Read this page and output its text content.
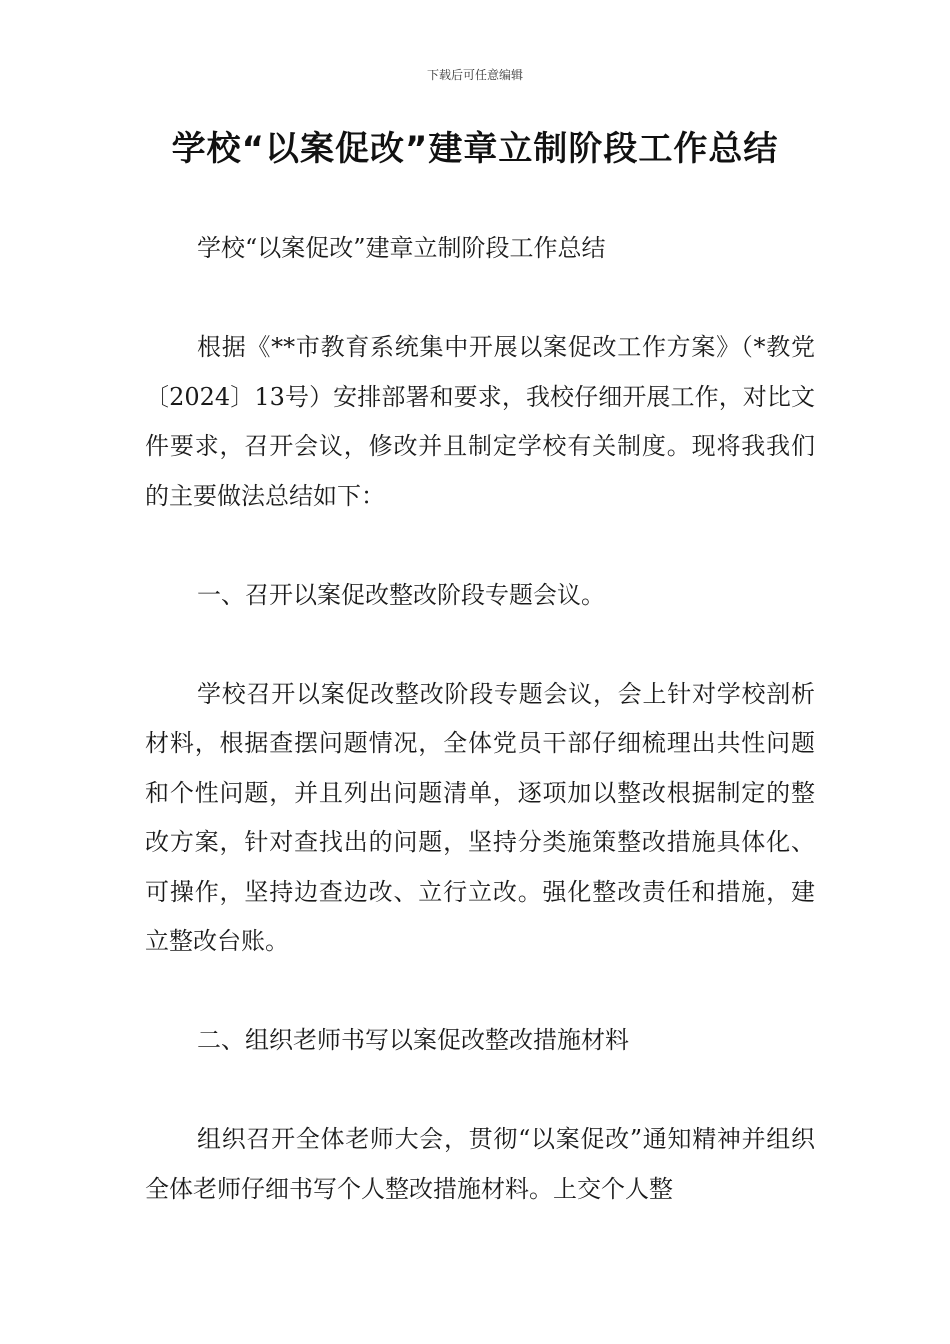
下载后可任意编辑
学校“以案促改”建章立制阶段工作总结

学校“以案促改”建章立制阶段工作总结

根据《**市教育系统集中开展以案促改工作方案》（*教党〔2024〕13号）安排部署和要求，我校仔细开展工作，对比文件要求，召开会议，修改并且制定学校有关制度。现将我我们的主要做法总结如下：

一、召开以案促改整改阶段专题会议。

学校召开以案促改整改阶段专题会议，会上针对学校剖析材料，根据查摆问题情况，全体党员干部仔细梳理出共性问题和个性问题，并且列出问题清单，逐项加以整改根据制定的整改方案，针对查找出的问题，坚持分类施策整改措施具体化、可操作，坚持边查边改、立行立改。强化整改责任和措施，建立整改台账。

二、组织老师书写以案促改整改措施材料

组织召开全体老师大会，贯彻“以案促改”通知精神并组织全体老师仔细书写个人整改措施材料。上交个人整
